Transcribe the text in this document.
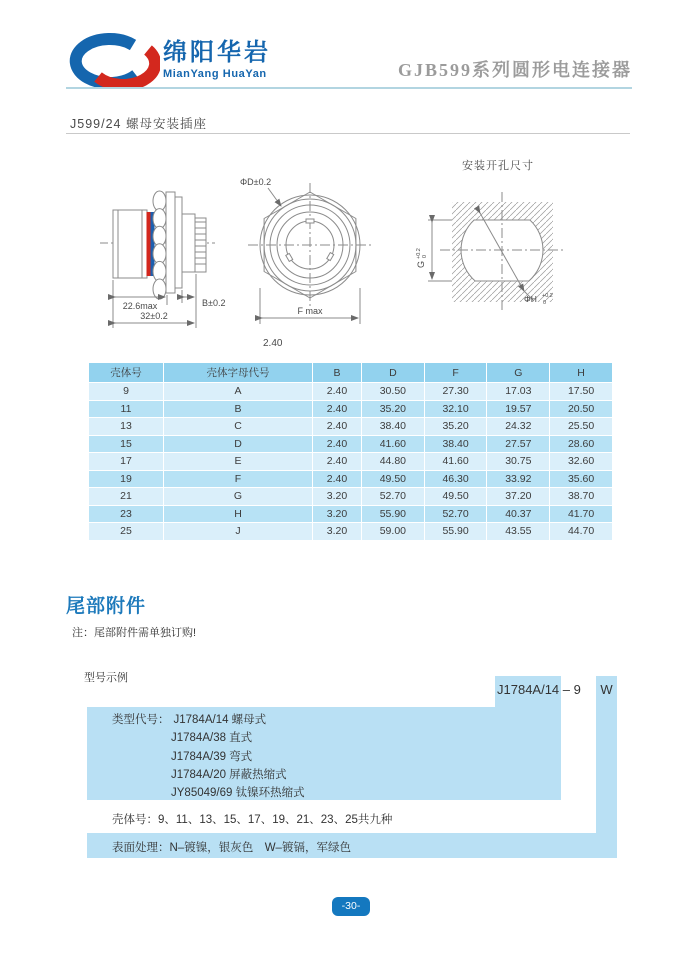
绵阳华岩
MianYang HuaYan	GJB599系列圆形电连接器
J599/24 螺母安装插座
22.6max	B±0.2
32±0.2
ΦD±0.2
F max
2.40
安装开孔尺寸
G
+0.2 0
ΦH +0.2
0
壳体号	壳体字母代号	B	D	F	G	H
9	A	2.40	30.50	27.30	17.03	17.50
11	B	2.40	35.20	32.10	19.57	20.50
13	C	2.40	38.40	35.20	24.32	25.50
15	D	2.40	41.60	38.40	27.57	28.60
17	E	2.40	44.80	41.60	30.75	32.60
19	F	2.40	49.50	46.30	33.92	35.60
21	G	3.20	52.70	49.50	37.20	38.70
23	H	3.20	55.90	52.70	40.37	41.70
25	J	3.20	59.00	55.90	43.55	44.70
尾部附件
注：尾部附件需单独订购!
型号示例
J1784A/14 – 9	W
类型代号： J1784A/14 螺母式
J1784A/38 直式
J1784A/39 弯式
J1784A/20 屏蔽热缩式
JY85049/69 钛镍环热缩式
壳体号：9、11、13、15、17、19、21、23、25共九种
表面处理：N–镀镍，银灰色　W–镀镉，军绿色
-30-
